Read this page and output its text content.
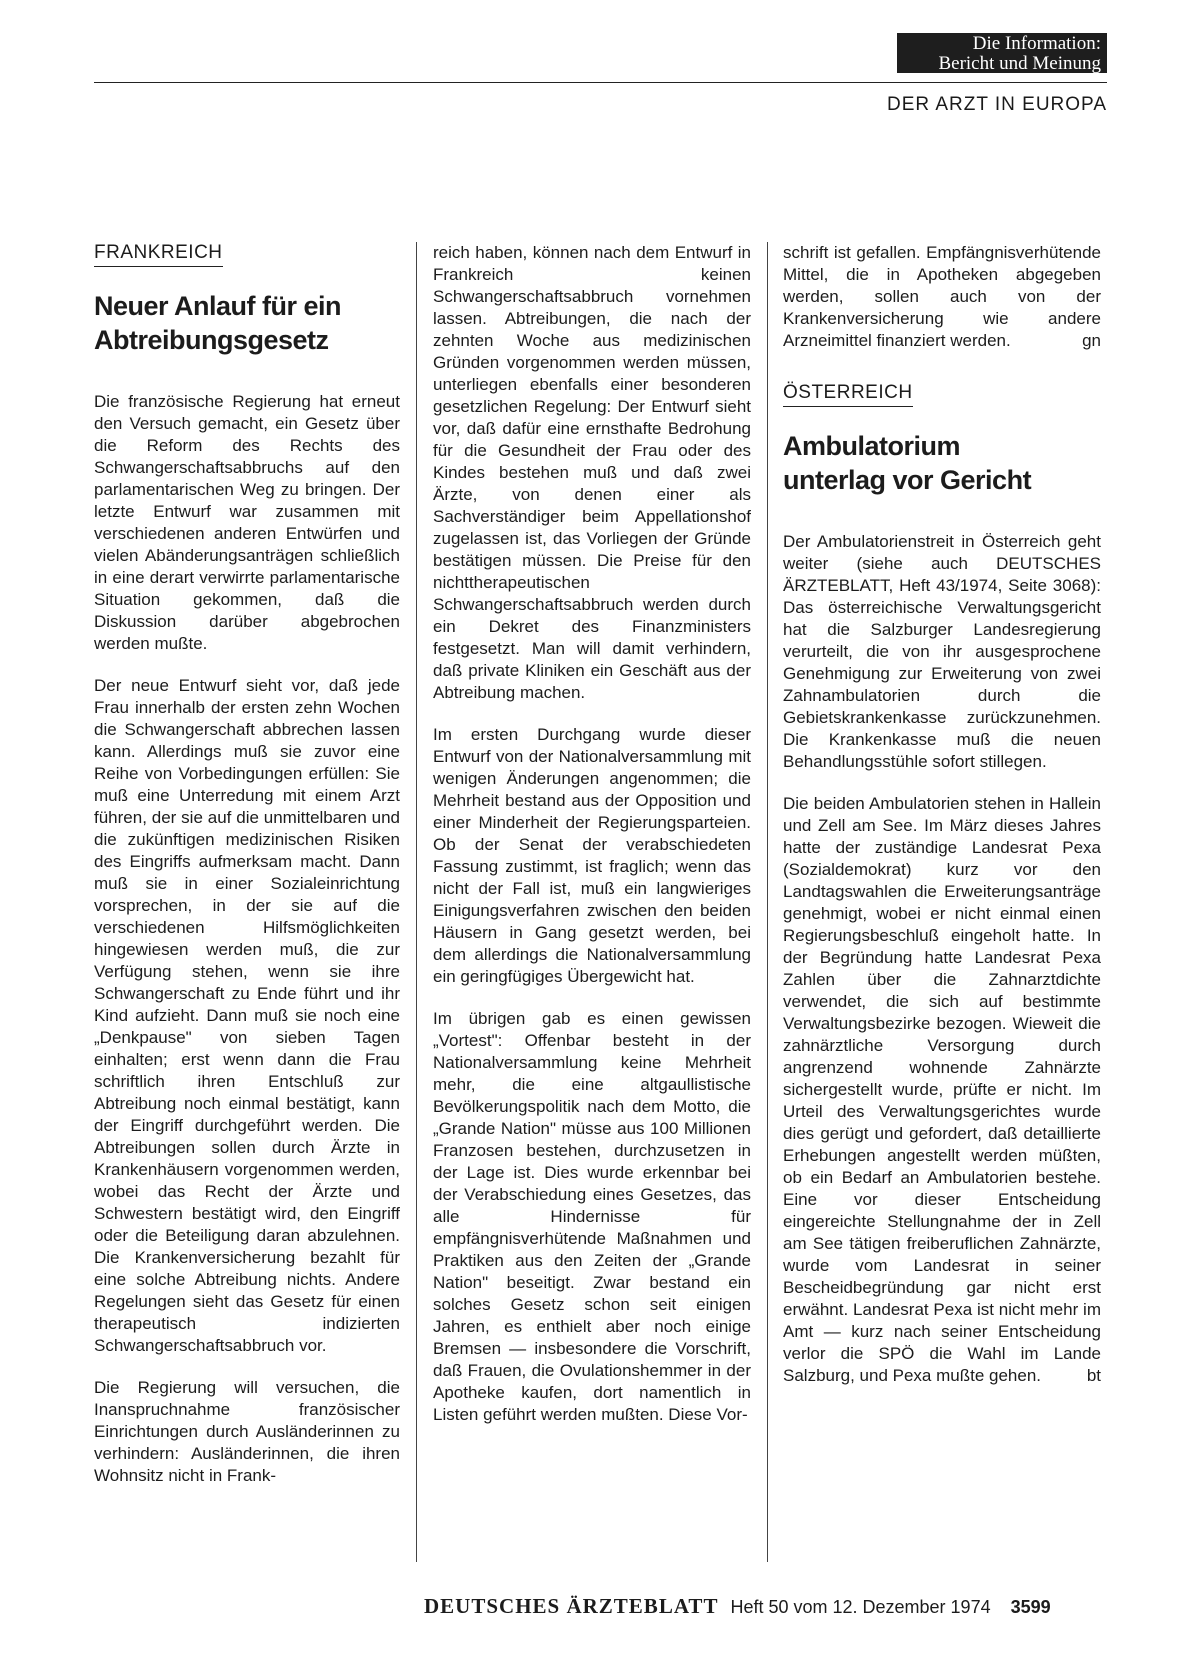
Die Information:
Bericht und Meinung
DER ARZT IN EUROPA
FRANKREICH
Neuer Anlauf für ein
Abtreibungsgesetz

Die französische Regierung hat erneut den Versuch gemacht, ein Gesetz über die Reform des Rechts des Schwangerschaftsabbruchs auf den parlamentarischen Weg zu bringen. Der letzte Entwurf war zusammen mit verschiedenen anderen Entwürfen und vielen Abänderungsanträgen schließlich in eine derart verwirrte parlamentarische Situation gekommen, daß die Diskussion darüber abgebrochen werden mußte.

Der neue Entwurf sieht vor, daß jede Frau innerhalb der ersten zehn Wochen die Schwangerschaft abbrechen lassen kann. Allerdings muß sie zuvor eine Reihe von Vorbedingungen erfüllen: Sie muß eine Unterredung mit einem Arzt führen, der sie auf die unmittelbaren und die zukünftigen medizinischen Risiken des Eingriffs aufmerksam macht. Dann muß sie in einer Sozialeinrichtung vorsprechen, in der sie auf die verschiedenen Hilfsmöglichkeiten hingewiesen werden muß, die zur Verfügung stehen, wenn sie ihre Schwangerschaft zu Ende führt und ihr Kind aufzieht. Dann muß sie noch eine „Denkpause" von sieben Tagen einhalten; erst wenn dann die Frau schriftlich ihren Entschluß zur Abtreibung noch einmal bestätigt, kann der Eingriff durchgeführt werden. Die Abtreibungen sollen durch Ärzte in Krankenhäusern vorgenommen werden, wobei das Recht der Ärzte und Schwestern bestätigt wird, den Eingriff oder die Beteiligung daran abzulehnen. Die Krankenversicherung bezahlt für eine solche Abtreibung nichts. Andere Regelungen sieht das Gesetz für einen therapeutisch indizierten Schwangerschaftsabbruch vor.

Die Regierung will versuchen, die Inanspruchnahme französischer Einrichtungen durch Ausländerinnen zu verhindern: Ausländerinnen, die ihren Wohnsitz nicht in Frank-

reich haben, können nach dem Entwurf in Frankreich keinen Schwangerschaftsabbruch vornehmen lassen. Abtreibungen, die nach der zehnten Woche aus medizinischen Gründen vorgenommen werden müssen, unterliegen ebenfalls einer besonderen gesetzlichen Regelung: Der Entwurf sieht vor, daß dafür eine ernsthafte Bedrohung für die Gesundheit der Frau oder des Kindes bestehen muß und daß zwei Ärzte, von denen einer als Sachverständiger beim Appellationshof zugelassen ist, das Vorliegen der Gründe bestätigen müssen. Die Preise für den nichttherapeutischen Schwangerschaftsabbruch werden durch ein Dekret des Finanzministers festgesetzt. Man will damit verhindern, daß private Kliniken ein Geschäft aus der Abtreibung machen.

Im ersten Durchgang wurde dieser Entwurf von der Nationalversammlung mit wenigen Änderungen angenommen; die Mehrheit bestand aus der Opposition und einer Minderheit der Regierungsparteien. Ob der Senat der verabschiedeten Fassung zustimmt, ist fraglich; wenn das nicht der Fall ist, muß ein langwieriges Einigungsverfahren zwischen den beiden Häusern in Gang gesetzt werden, bei dem allerdings die Nationalversammlung ein geringfügiges Übergewicht hat.

Im übrigen gab es einen gewissen „Vortest": Offenbar besteht in der Nationalversammlung keine Mehrheit mehr, die eine altgaullistische Bevölkerungspolitik nach dem Motto, die „Grande Nation" müsse aus 100 Millionen Franzosen bestehen, durchzusetzen in der Lage ist. Dies wurde erkennbar bei der Verabschiedung eines Gesetzes, das alle Hindernisse für empfängnisverhütende Maßnahmen und Praktiken aus den Zeiten der „Grande Nation" beseitigt. Zwar bestand ein solches Gesetz schon seit einigen Jahren, es enthielt aber noch einige Bremsen — insbesondere die Vorschrift, daß Frauen, die Ovulationshemmer in der Apotheke kaufen, dort namentlich in Listen geführt werden mußten. Diese Vor-

schrift ist gefallen. Empfängnisverhütende Mittel, die in Apotheken abgegeben werden, sollen auch von der Krankenversicherung wie andere Arzneimittel finanziert werden.	gn

ÖSTERREICH
Ambulatorium
unterlag vor Gericht

Der Ambulatorienstreit in Österreich geht weiter (siehe auch DEUTSCHES ÄRZTEBLATT, Heft 43/1974, Seite 3068): Das österreichische Verwaltungsgericht hat die Salzburger Landesregierung verurteilt, die von ihr ausgesprochene Genehmigung zur Erweiterung von zwei Zahnambulatorien durch die Gebietskrankenkasse zurückzunehmen. Die Krankenkasse muß die neuen Behandlungsstühle sofort stillegen.

Die beiden Ambulatorien stehen in Hallein und Zell am See. Im März dieses Jahres hatte der zuständige Landesrat Pexa (Sozialdemokrat) kurz vor den Landtagswahlen die Erweiterungsanträge genehmigt, wobei er nicht einmal einen Regierungsbeschluß eingeholt hatte. In der Begründung hatte Landesrat Pexa Zahlen über die Zahnarztdichte verwendet, die sich auf bestimmte Verwaltungsbezirke bezogen. Wieweit die zahnärztliche Versorgung durch angrenzend wohnende Zahnärzte sichergestellt wurde, prüfte er nicht. Im Urteil des Verwaltungsgerichtes wurde dies gerügt und gefordert, daß detaillierte Erhebungen angestellt werden müßten, ob ein Bedarf an Ambulatorien bestehe. Eine vor dieser Entscheidung eingereichte Stellungnahme der in Zell am See tätigen freiberuflichen Zahnärzte, wurde vom Landesrat in seiner Bescheidbegründung gar nicht erst erwähnt. Landesrat Pexa ist nicht mehr im Amt — kurz nach seiner Entscheidung verlor die SPÖ die Wahl im Lande Salzburg, und Pexa mußte gehen.	bt

DEUTSCHES ÄRZTEBLATT Heft 50 vom 12. Dezember 1974 3599
